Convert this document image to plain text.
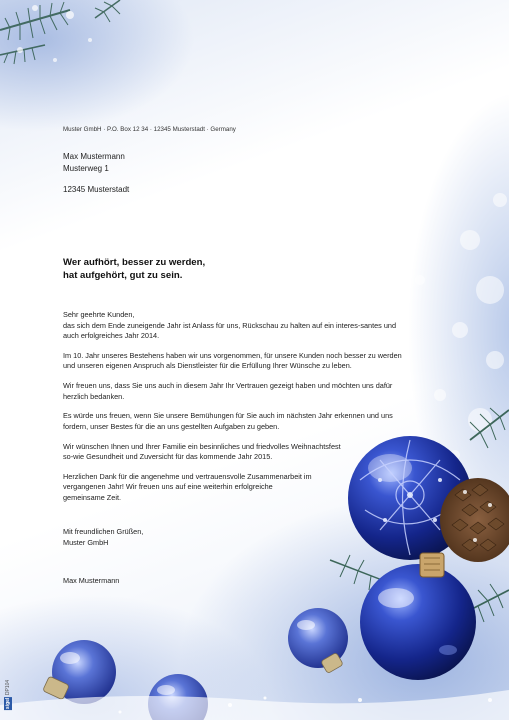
Muster GmbH · P.O. Box 12 34 · 12345 Musterstadt · Germany
Max Mustermann
Musterweg 1
12345 Musterstadt
Wer aufhört, besser zu werden,
hat aufgehört, gut zu sein.
Sehr geehrte Kunden,

das sich dem Ende zuneigende Jahr ist Anlass für uns, Rückschau zu halten auf ein interes-santes und auch erfolgreiches Jahr 2014.

Im 10. Jahr unseres Bestehens haben wir uns vorgenommen, für unsere Kunden noch besser zu werden und unseren eigenen Anspruch als Dienstleister für die Erfüllung Ihrer Wünsche zu leben.

Wir freuen uns, dass Sie uns auch in diesem Jahr Ihr Vertrauen gezeigt haben und möchten uns dafür herzlich bedanken.

Es würde uns freuen, wenn Sie unsere Bemühungen für Sie auch im nächsten Jahr erkennen und uns fordern, unser Bestes für die an uns gestellten Aufgaben zu geben.

Wir wünschen Ihnen und Ihrer Familie ein besinnliches und friedvolles Weihnachtsfest
so-wie Gesundheit und Zuversicht für das kommende Jahr 2015.

Herzlichen Dank für die angenehme und vertrauensvolle Zusammenarbeit im
vergangenen Jahr! Wir freuen uns auf eine weiterhin erfolgreiche
gemeinsame Zeit.

Mit freundlichen Grüßen,
Muster GmbH
Max Mustermann
sigel DP104
